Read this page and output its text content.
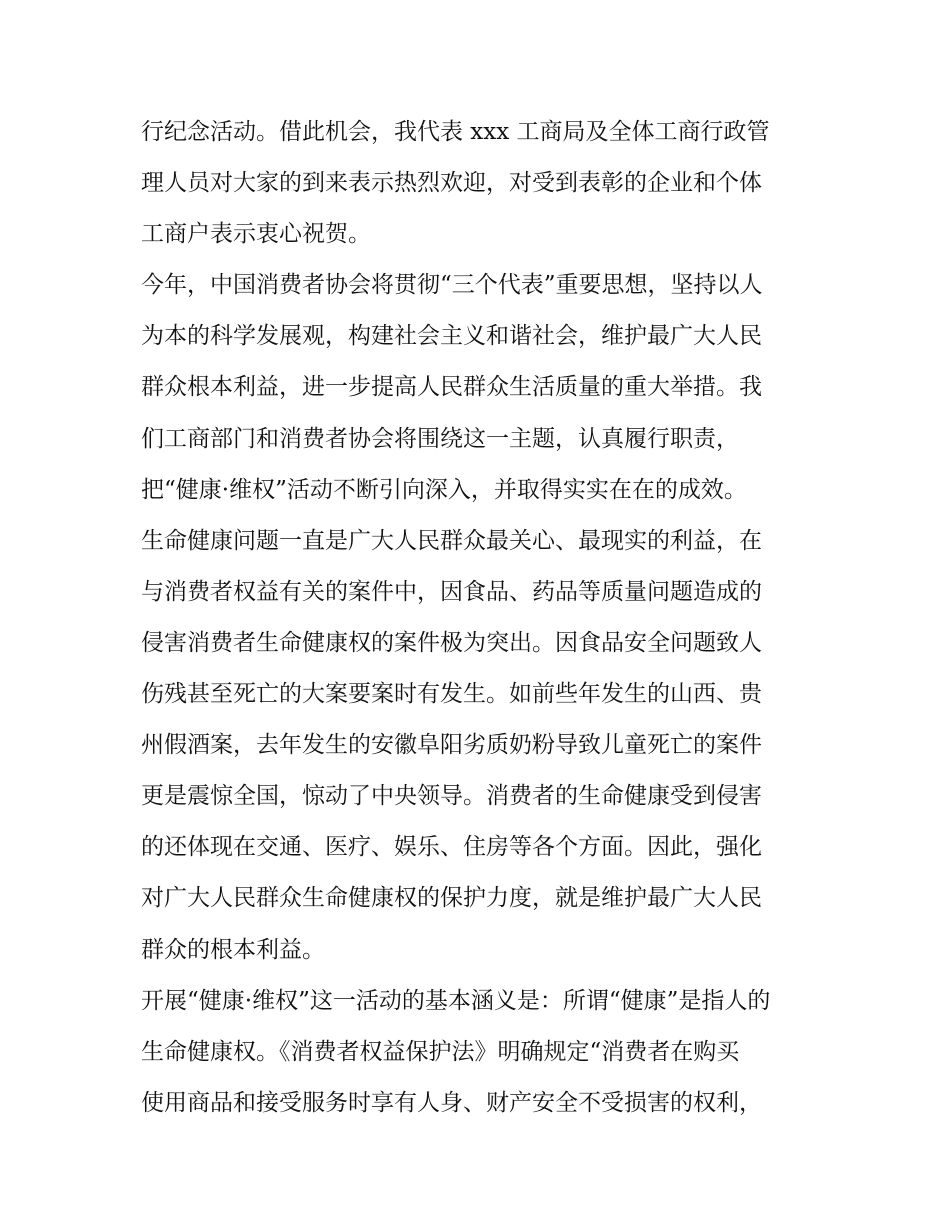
行纪念活动。借此机会，我代表 xxx 工商局及全体工商行政管

理人员对大家的到来表示热烈欢迎，对受到表彰的企业和个体

工商户表示衷心祝贺。

今年，中国消费者协会将贯彻“三个代表”重要思想，坚持以人

为本的科学发展观，构建社会主义和谐社会，维护最广大人民

群众根本利益，进一步提高人民群众生活质量的重大举措。我

们工商部门和消费者协会将围绕这一主题，认真履行职责，

把“健康·维权”活动不断引向深入，并取得实实在在的成效。

生命健康问题一直是广大人民群众最关心、最现实的利益，在

与消费者权益有关的案件中，因食品、药品等质量问题造成的

侵害消费者生命健康权的案件极为突出。因食品安全问题致人

伤残甚至死亡的大案要案时有发生。如前些年发生的山西、贵

州假酒案，去年发生的安徽阜阳劣质奶粉导致儿童死亡的案件

更是震惊全国，惊动了中央领导。消费者的生命健康受到侵害

的还体现在交通、医疗、娱乐、住房等各个方面。因此，强化

对广大人民群众生命健康权的保护力度，就是维护最广大人民

群众的根本利益。

开展“健康·维权”这一活动的基本涵义是：所谓“健康”是指人的

生命健康权。《消费者权益保护法》明确规定“消费者在购买

使用商品和接受服务时享有人身、财产安全不受损害的权利，
